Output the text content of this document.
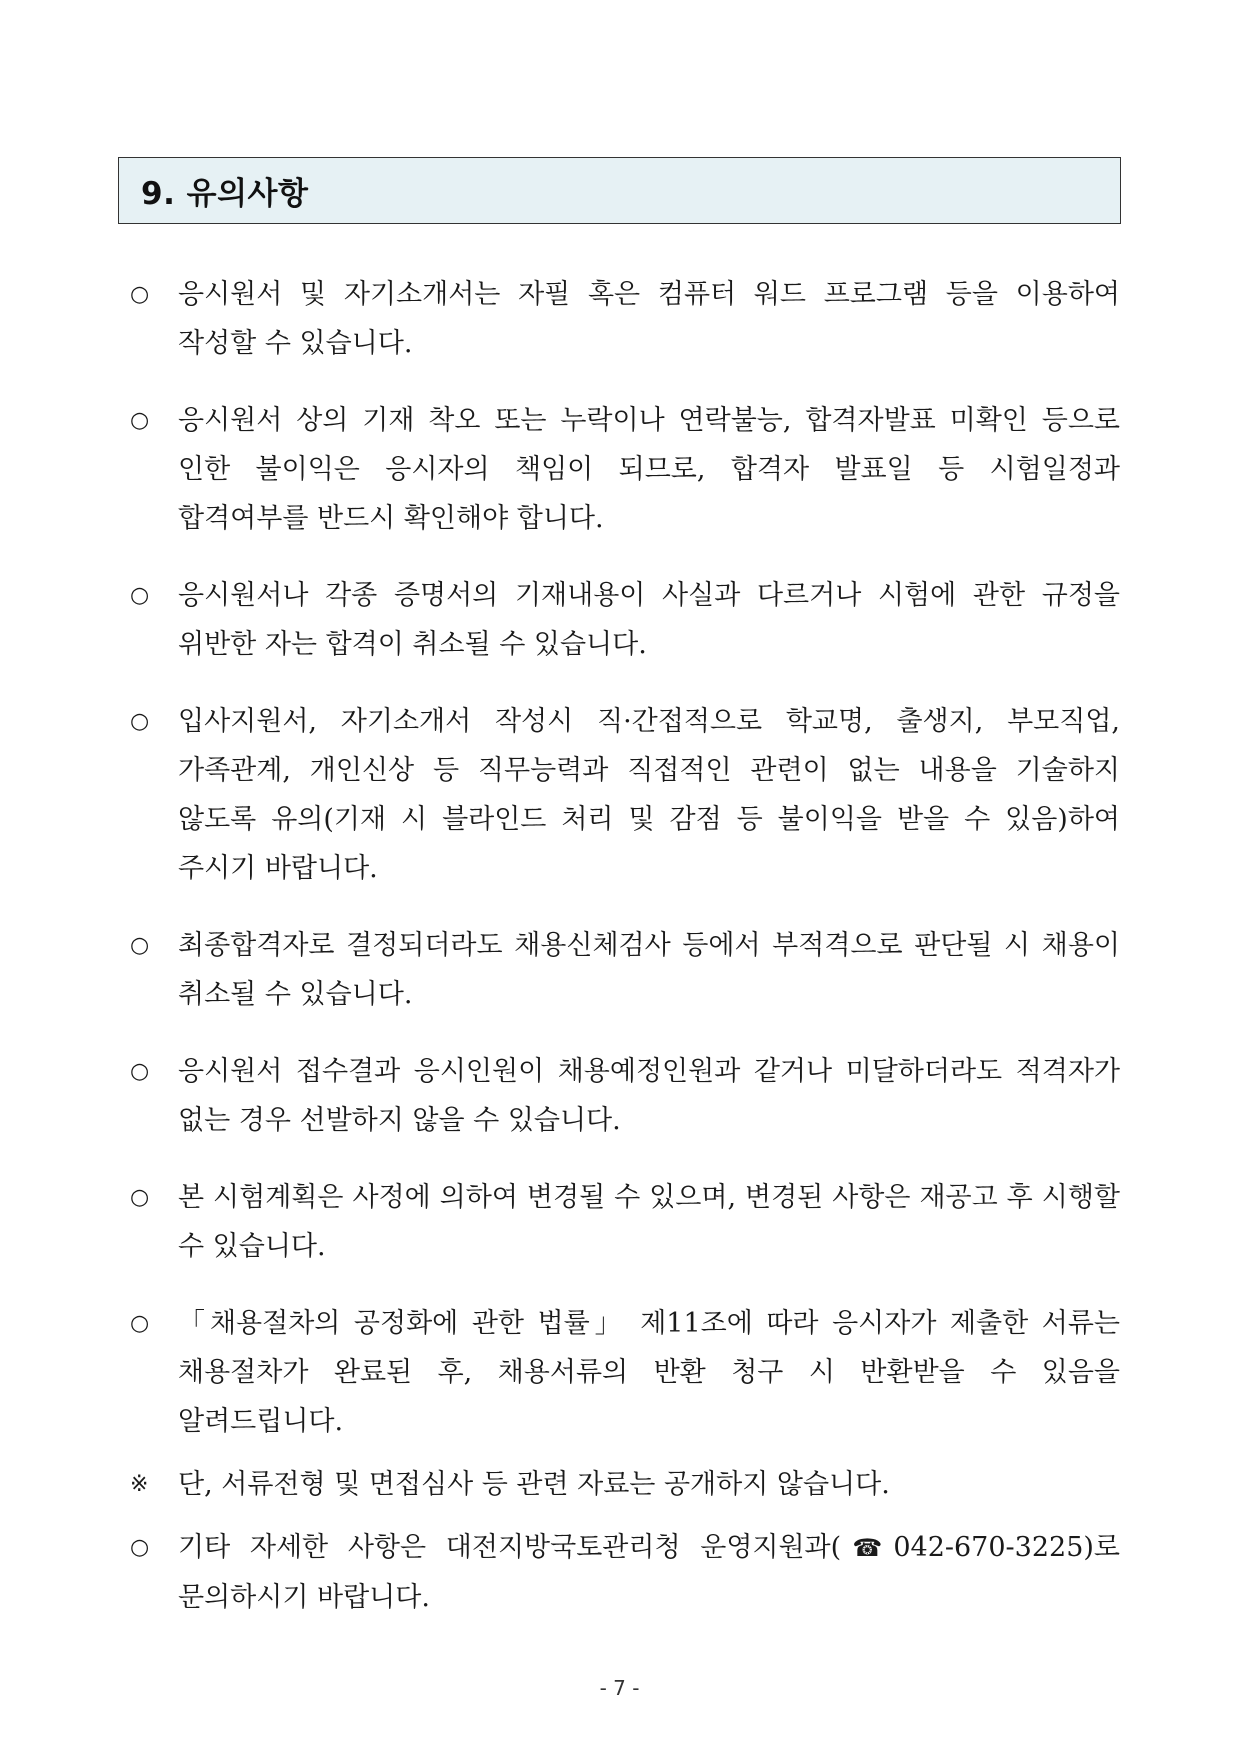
9. 유의사항
○	응시원서 및 자기소개서는 자필 혹은 컴퓨터 워드 프로그램 등을 이용하여 작성할 수 있습니다.
○	응시원서 상의 기재 착오 또는 누락이나 연락불능, 합격자발표 미확인 등으로 인한 불이익은 응시자의 책임이 되므로, 합격자 발표일 등 시험일정과 합격여부를 반드시 확인해야 합니다.
○	응시원서나 각종 증명서의 기재내용이 사실과 다르거나 시험에 관한 규정을 위반한 자는 합격이 취소될 수 있습니다.
○	입사지원서, 자기소개서 작성시 직·간접적으로 학교명, 출생지, 부모직업, 가족관계, 개인신상 등 직무능력과 직접적인 관련이 없는 내용을 기술하지 않도록 유의(기재 시 블라인드 처리 및 감점 등 불이익을 받을 수 있음)하여 주시기 바랍니다.
○	최종합격자로 결정되더라도 채용신체검사 등에서 부적격으로 판단될 시 채용이 취소될 수 있습니다.
○	응시원서 접수결과 응시인원이 채용예정인원과 같거나 미달하더라도 적격자가 없는 경우 선발하지 않을 수 있습니다.
○	본 시험계획은 사정에 의하여 변경될 수 있으며, 변경된 사항은 재공고 후 시행할 수 있습니다.
○	「채용절차의 공정화에 관한 법률」 제11조에 따라 응시자가 제출한 서류는 채용절차가 완료된 후, 채용서류의 반환 청구 시 반환받을 수 있음을 알려드립니다.
※	단, 서류전형 및 면접심사 등 관련 자료는 공개하지 않습니다.
○	기타 자세한 사항은 대전지방국토관리청 운영지원과(☎042-670-3225)로 문의하시기 바랍니다.
- 7 -
